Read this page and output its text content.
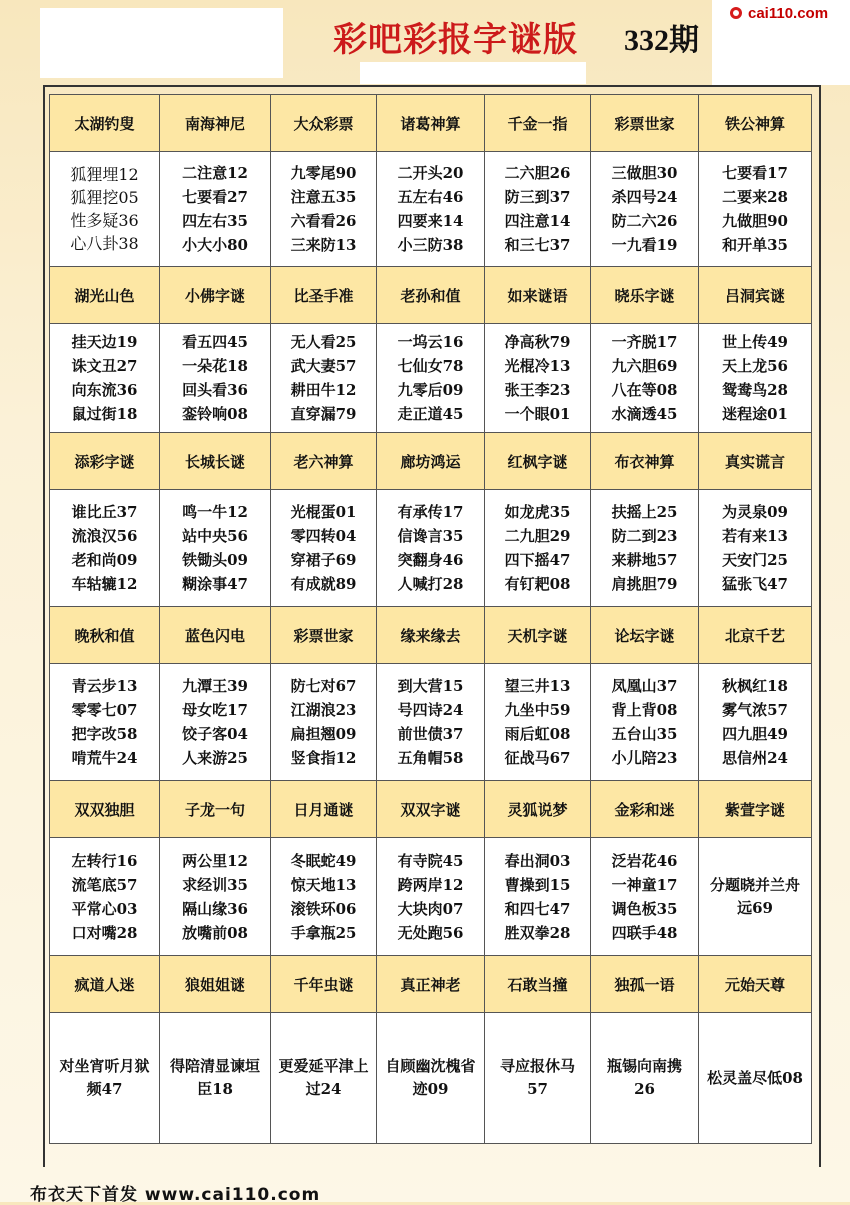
彩吧彩报字谜版 332期
cai110.com
太湖钓叟	南海神尼	大众彩票	诸葛神算	千金一指	彩票世家	铁公神算

狐狸埋12
狐狸挖05
性多疑36
心八卦38	二注意12
七要看27
四左右35
小大小80	九零尾90
注意五35
六看看26
三来防13	二开头20
五左右46
四要来14
小三防38	二六胆26
防三到37
四注意14
和三七37	三做胆30
杀四号24
防二六26
一九看19	七要看17
二要来28
九做胆90
和开单35

湖光山色	小佛字谜	比圣手准	老孙和值	如来谜语	晓乐字谜	吕洞宾谜

挂天边19
诛文丑27
向东流36
鼠过街18	看五四45
一朵花18
回头看36
銮铃响08	无人看25
武大妻57
耕田牛12
直穿漏79	一坞云16
七仙女78
九零后09
走正道45	净高秋79
光棍冷13
张王李23
一个眼01	一齐脱17
九六胆69
八在等08
水滴透45	世上传49
天上龙56
鸳鸯鸟28
迷程途01

添彩字谜	长城长谜	老六神算	廊坊鸿运	红枫字谜	布衣神算	真实谎言

谁比丘37
流浪汉56
老和尚09
车轱辘12	鸣一牛12
站中央56
铁锄头09
糊涂事47	光棍蛋01
零四转04
穿裙子69
有成就89	有承传17
信谗言35
突翻身46
人喊打28	如龙虎35
二九胆29
四下摇47
有钉耙08	扶摇上25
防二到23
来耕地57
肩挑胆79	为灵泉09
若有来13
天安门25
猛张飞47

晚秋和值	蓝色闪电	彩票世家	缘来缘去	天机字谜	论坛字谜	北京千艺

青云步13
零零七07
把字改58
啃荒牛24	九潭王39
母女吃17
饺子客04
人来游25	防七对67
江湖浪23
扁担翘09
竖食指12	到大营15
号四诗24
前世债37
五角帽58	望三井13
九坐中59
雨后虹08
征战马67	凤凰山37
背上背08
五台山35
小儿陪23	秋枫红18
雾气浓57
四九胆49
思信州24

双双独胆	子龙一句	日月通谜	双双字谜	灵狐说梦	金彩和迷	紫萱字谜

左转行16
流笔底57
平常心03
口对嘴28	两公里12
求经训35
隔山缘36
放嘴前08	冬眠蛇49
惊天地13
滚铁环06
手拿瓶25	有寺院45
跨两岸12
大块肉07
无处跑56	春出洞03
曹操到15
和四七47
胜双拳28	泛岩花46
一神童17
调色板35
四联手48	分题晓并兰舟远69

疯道人迷	狼姐姐谜	千年虫谜	真正神老	石敢当撞	独孤一语	元始天尊

对坐宵听月狱频47	得陪清显谏垣臣18	更爱延平津上过24	自顾幽沈槐省迹09	寻应报休马57	瓶锡向南携26	松灵盖尽低08
布衣天下首发 www.cai110.com
